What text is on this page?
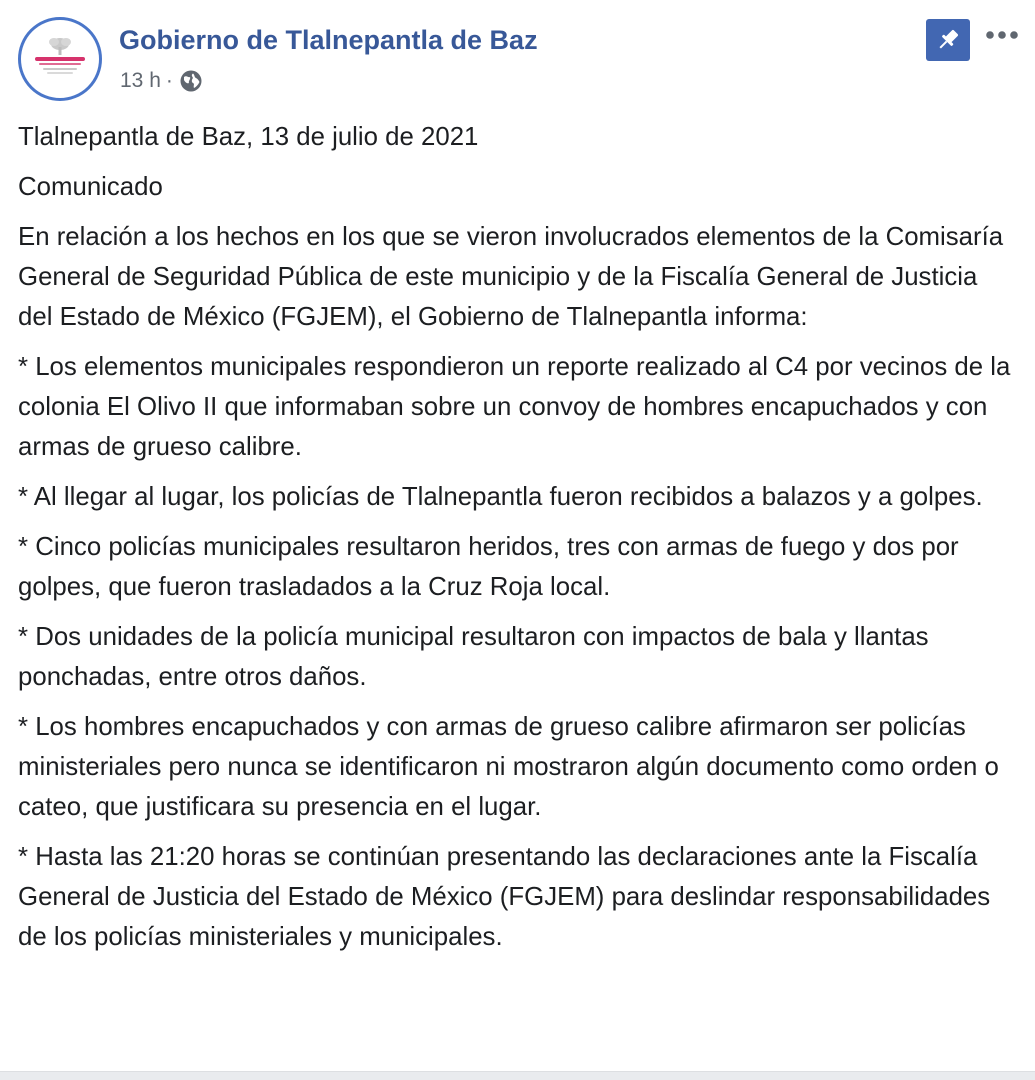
Gobierno de Tlalnepantla de Baz
13 h ·

Tlalnepantla de Baz, 13 de julio de 2021

Comunicado

En relación a los hechos en los que se vieron involucrados elementos de la Comisaría General de Seguridad Pública de este municipio y de la Fiscalía General de Justicia del Estado de México (FGJEM), el Gobierno de Tlalnepantla informa:

* Los elementos municipales respondieron un reporte realizado al C4 por vecinos de la colonia El Olivo II que informaban sobre un convoy de hombres encapuchados y con armas de grueso calibre.

* Al llegar al lugar, los policías de Tlalnepantla fueron recibidos a balazos y a golpes.

* Cinco policías municipales resultaron heridos, tres con armas de fuego y dos por golpes, que fueron trasladados a la Cruz Roja local.

* Dos unidades de la policía municipal resultaron con impactos de bala y llantas ponchadas, entre otros daños.

* Los hombres encapuchados y con armas de grueso calibre afirmaron ser policías ministeriales pero nunca se identificaron ni mostraron algún documento como orden o cateo, que justificara su presencia en el lugar.

* Hasta las 21:20 horas se continúan presentando las declaraciones ante la Fiscalía General de Justicia del Estado de México (FGJEM) para deslindar responsabilidades de los policías ministeriales y municipales.
